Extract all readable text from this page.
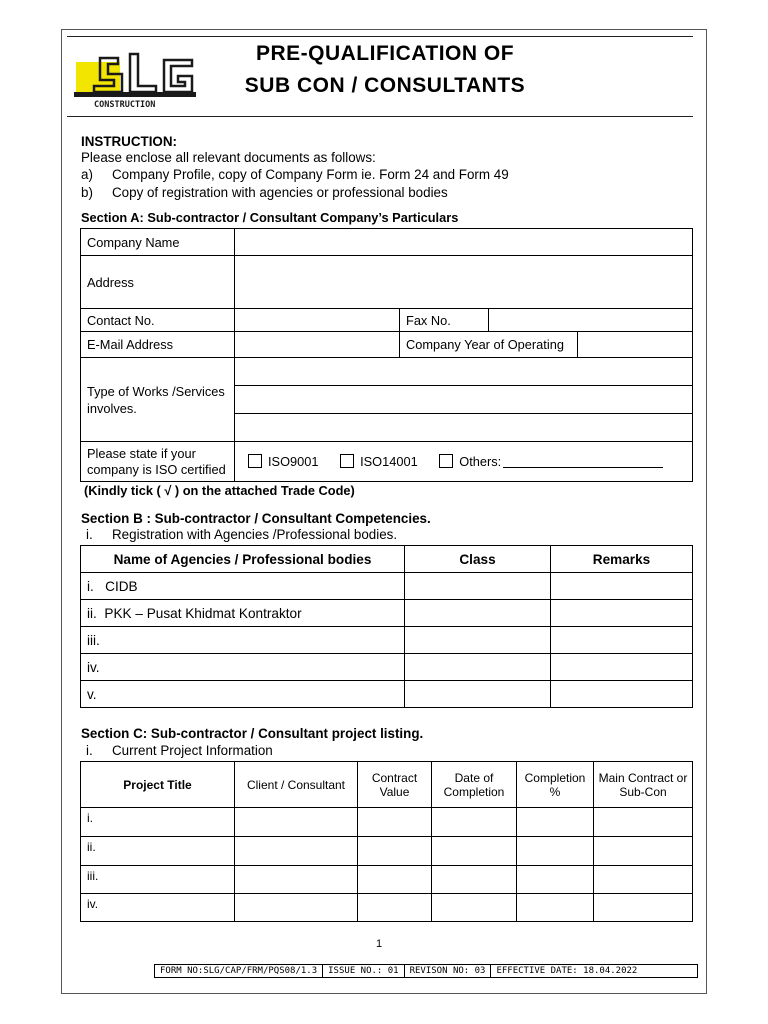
CONSTRUCTION
PRE-QUALIFICATION OF
SUB CON / CONSULTANTS
INSTRUCTION:
Please enclose all relevant documents as follows:
a) Company Profile, copy of Company Form ie. Form 24 and Form 49
b) Copy of registration with agencies or professional bodies
Section A: Sub-contractor / Consultant Company’s Particulars
Company Name				
Address				
Contact No.		Fax No.		
E-Mail Address		Company Year of Operating		
Type of Works /Services involves.				

Please state if your company is ISO certified	ISO9001 ISO14001 Others:			
(Kindly tick ( √ ) on the attached Trade Code)
Section B : Sub-contractor / Consultant Competencies.
i. Registration with Agencies /Professional bodies.
Name of Agencies / Professional bodies	Class	Remarks
i. CIDB		
ii. PKK – Pusat Khidmat Kontraktor		
iii.		
iv.		
v.		
Section C: Sub-contractor / Consultant project listing.
i. Current Project Information
Project Title	Client / Consultant	Contract Value	Date of Completion	Completion %	Main Contract or Sub-Con
i.					
ii.					
iii.					
iv.					
1
FORM NO:SLG/CAP/FRM/PQS08/1.3	ISSUE NO.: 01	REVISON NO: 03	EFFECTIVE DATE: 18.04.2022
